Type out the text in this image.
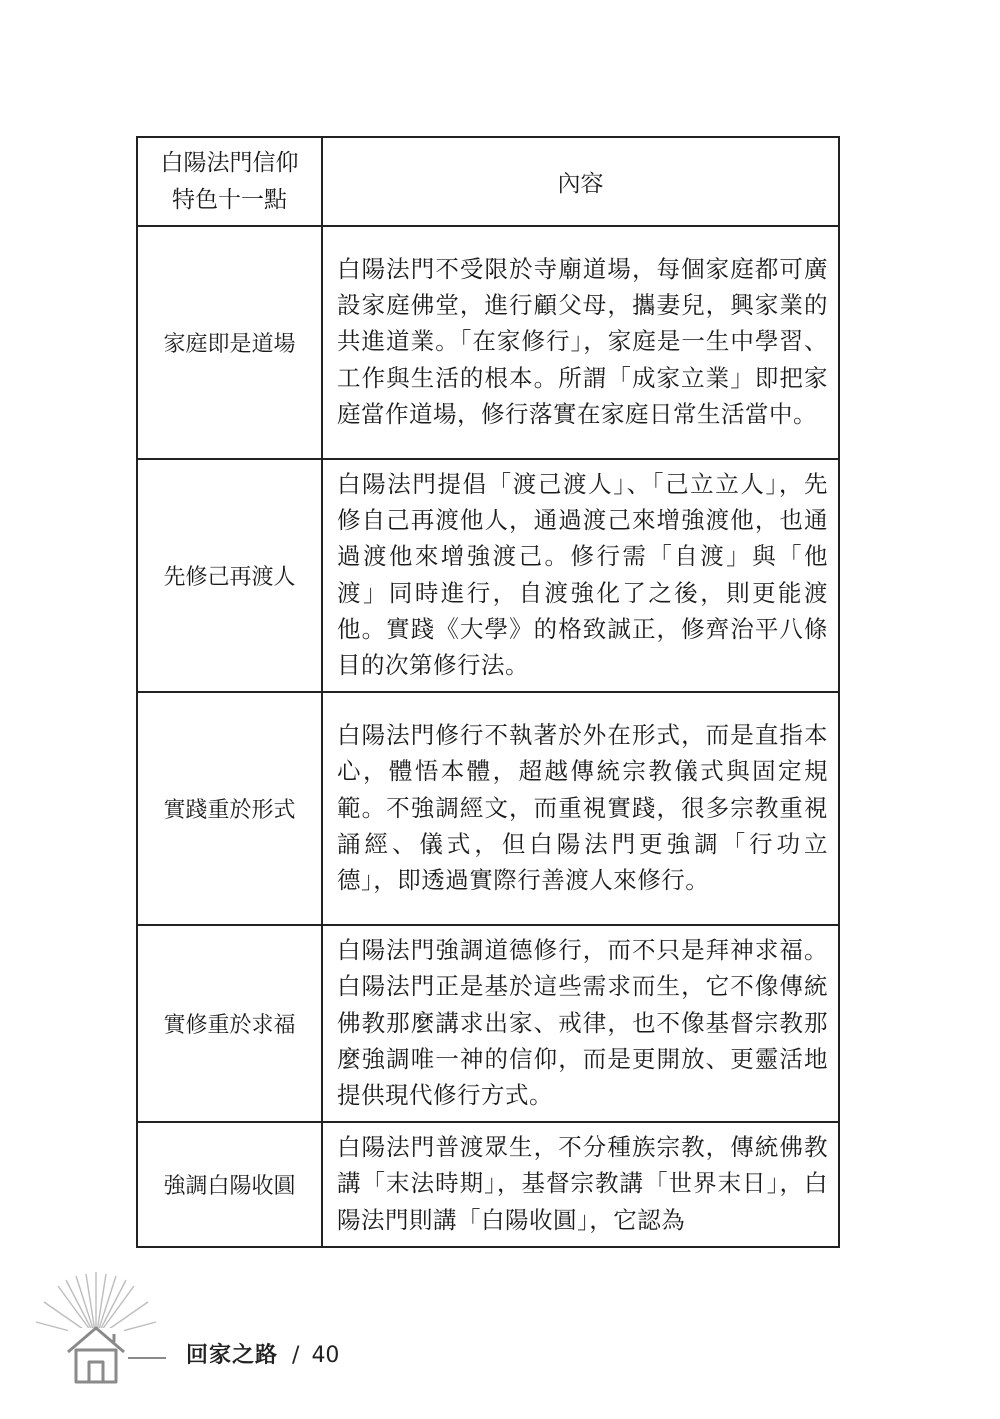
白陽法門信仰
特色十一點	內容
家庭即是道場	白陽法門不受限於寺廟道場，每個家庭都可廣設家庭佛堂，進行顧父母，攜妻兒，興家業的共進道業。「在家修行」，家庭是一生中學習、工作與生活的根本。所謂「成家立業」即把家庭當作道場，修行落實在家庭日常生活當中。
先修己再渡人	白陽法門提倡「渡己渡人」、「己立立人」，先修自己再渡他人，通過渡己來增強渡他，也通過渡他來增強渡己。修行需「自渡」與「他渡」同時進行，自渡強化了之後，則更能渡他。實踐《大學》的格致誠正，修齊治平八條目的次第修行法。
實踐重於形式	白陽法門修行不執著於外在形式，而是直指本心，體悟本體，超越傳統宗教儀式與固定規範。不強調經文，而重視實踐，很多宗教重視誦經、儀式，但白陽法門更強調「行功立德」，即透過實際行善渡人來修行。
實修重於求福	白陽法門強調道德修行，而不只是拜神求福。白陽法門正是基於這些需求而生，它不像傳統佛教那麼講求出家、戒律，也不像基督宗教那麼強調唯一神的信仰，而是更開放、更靈活地提供現代修行方式。
強調白陽收圓	白陽法門普渡眾生，不分種族宗教，傳統佛教講「末法時期」，基督宗教講「世界末日」，白陽法門則講「白陽收圓」，它認為
回家之路 / 40
